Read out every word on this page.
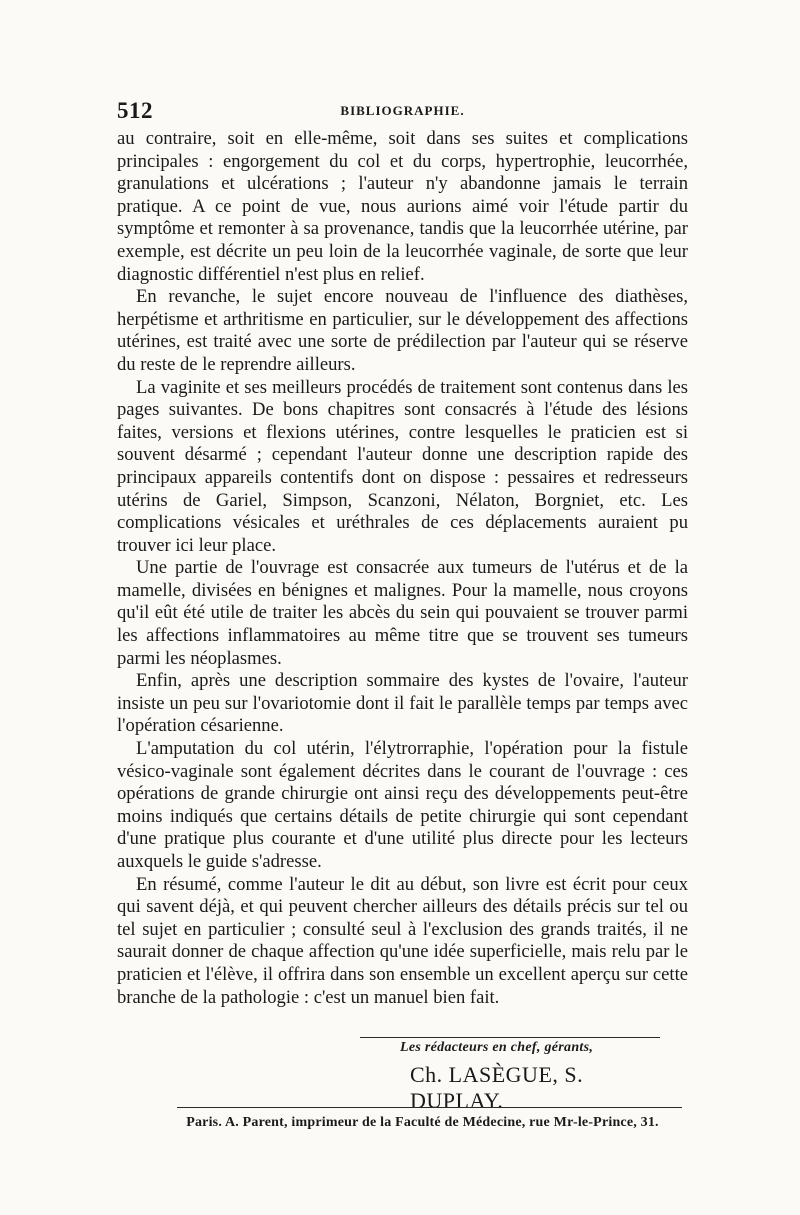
512	BIBLIOGRAPHIE.

au contraire, soit en elle-même, soit dans ses suites et complications principales : engorgement du col et du corps, hypertrophie, leucorrhée, granulations et ulcérations ; l'auteur n'y abandonne jamais le terrain pratique. A ce point de vue, nous aurions aimé voir l'étude partir du symptôme et remonter à sa provenance, tandis que la leucorrhée utérine, par exemple, est décrite un peu loin de la leucorrhée vaginale, de sorte que leur diagnostic différentiel n'est plus en relief.

En revanche, le sujet encore nouveau de l'influence des diathèses, herpétisme et arthritisme en particulier, sur le développement des affections utérines, est traité avec une sorte de prédilection par l'auteur qui se réserve du reste de le reprendre ailleurs.

La vaginite et ses meilleurs procédés de traitement sont contenus dans les pages suivantes. De bons chapitres sont consacrés à l'étude des lésions faites, versions et flexions utérines, contre lesquelles le praticien est si souvent désarmé ; cependant l'auteur donne une description rapide des principaux appareils contentifs dont on dispose : pessaires et redresseurs utérins de Gariel, Simpson, Scanzoni, Nélaton, Borgniet, etc. Les complications vésicales et uréthrales de ces déplacements auraient pu trouver ici leur place.

Une partie de l'ouvrage est consacrée aux tumeurs de l'utérus et de la mamelle, divisées en bénignes et malignes. Pour la mamelle, nous croyons qu'il eût été utile de traiter les abcès du sein qui pouvaient se trouver parmi les affections inflammatoires au même titre que se trouvent ses tumeurs parmi les néoplasmes.

Enfin, après une description sommaire des kystes de l'ovaire, l'auteur insiste un peu sur l'ovariotomie dont il fait le parallèle temps par temps avec l'opération césarienne.

L'amputation du col utérin, l'élytrorraphie, l'opération pour la fistule vésico-vaginale sont également décrites dans le courant de l'ouvrage : ces opérations de grande chirurgie ont ainsi reçu des développements peut-être moins indiqués que certains détails de petite chirurgie qui sont cependant d'une pratique plus courante et d'une utilité plus directe pour les lecteurs auxquels le guide s'adresse.

En résumé, comme l'auteur le dit au début, son livre est écrit pour ceux qui savent déjà, et qui peuvent chercher ailleurs des détails précis sur tel ou tel sujet en particulier ; consulté seul à l'exclusion des grands traités, il ne saurait donner de chaque affection qu'une idée superficielle, mais relu par le praticien et l'élève, il offrira dans son ensemble un excellent aperçu sur cette branche de la pathologie : c'est un manuel bien fait.

Les rédacteurs en chef, gérants,
Ch. LASÈGUE, S. DUPLAY.
Paris. A. Parent, imprimeur de la Faculté de Médecine, rue Mr-le-Prince, 31.
